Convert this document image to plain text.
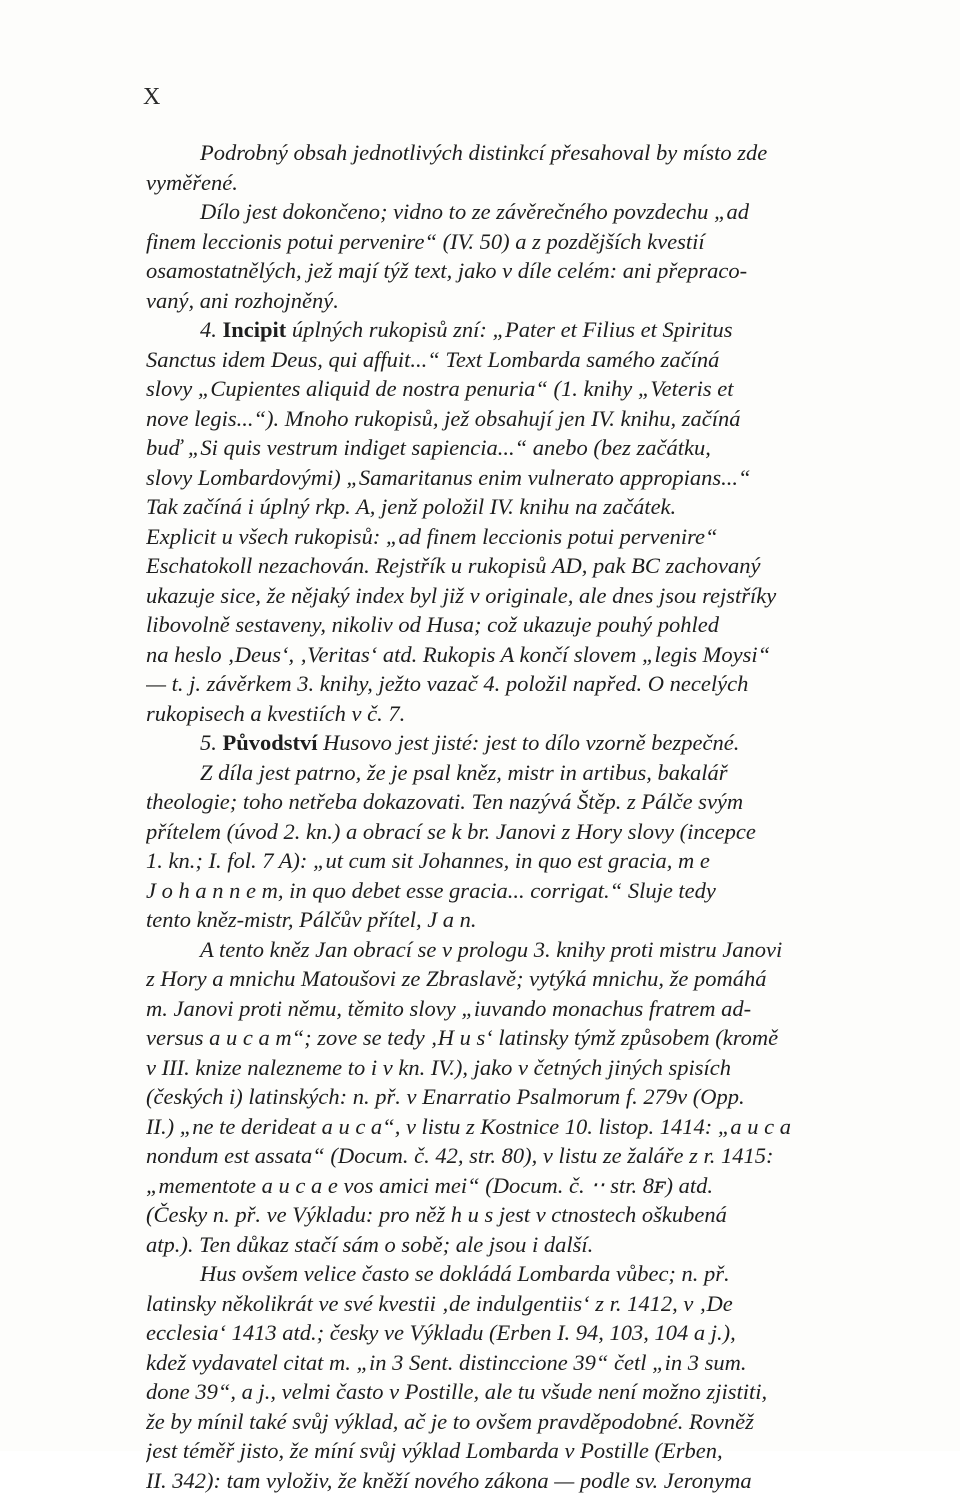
X
Podrobný obsah jednotlivých distinkcí přesahoval by místo zde
vyměřené.
Dílo jest dokončeno; vidno to ze závěrečného povzdechu „ad
finem leccionis potui pervenire“ (IV. 50) a z pozdějších kvestií
osamostatnělých, jež mají týž text, jako v díle celém: ani přepraco-
vaný, ani rozhojněný.
4. Incipit úplných rukopisů zní: „Pater et Filius et Spiritus
Sanctus idem Deus, qui affuit...“ Text Lombarda samého začíná
slovy „Cupientes aliquid de nostra penuria“ (1. knihy „Veteris et
nove legis...“). Mnoho rukopisů, jež obsahují jen IV. knihu, začíná
buď „Si quis vestrum indiget sapiencia...“ anebo (bez začátku,
slovy Lombardovými) „Samaritanus enim vulnerato appropians...“
Tak začíná i úplný rkp. A, jenž položil IV. knihu na začátek.
Explicit u všech rukopisů: „ad finem leccionis potui pervenire“
Eschatokoll nezachován. Rejstřík u rukopisů AD, pak BC zachovaný
ukazuje sice, že nějaký index byl již v originale, ale dnes jsou rejstříky
libovolně sestaveny, nikoliv od Husa; což ukazuje pouhý pohled
na heslo ‚Deus‘, ‚Veritas‘ atd. Rukopis A končí slovem „legis Moysi“
— t. j. závěrkem 3. knihy, ježto vazač 4. položil napřed. O necelých
rukopisech a kvestiích v č. 7.
5. Původství Husovo jest jisté: jest to dílo vzorně bezpečné.
Z díla jest patrno, že je psal kněz, mistr in artibus, bakalář
theologie; toho netřeba dokazovati. Ten nazývá Štěp. z Pálče svým
přítelem (úvod 2. kn.) a obrací se k br. Janovi z Hory slovy (incepce
1. kn.; I. fol. 7 A): „ut cum sit Johannes, in quo est gracia, m e
J o h a n n e m, in quo debet esse gracia... corrigat.“ Sluje tedy
tento kněz-mistr, Pálčův přítel, J a n.
A tento kněz Jan obrací se v prologu 3. knihy proti mistru Janovi
z Hory a mnichu Matoušovi ze Zbraslavě; vytýká mnichu, že pomáhá
m. Janovi proti němu, těmito slovy „iuvando monachus fratrem ad-
versus a u c a m“; zove se tedy ‚H u s‘ latinsky týmž způsobem (kromě
v III. knize nalezneme to i v kn. IV.), jako v četných jiných spisích
(českých i) latinských: n. př. v Enarratio Psalmorum f. 279v (Opp.
II.) „ne te derideat a u c a“, v listu z Kostnice 10. listop. 1414: „a u c a
nondum est assata“ (Docum. č. 42, str. 80), v listu ze žaláře z r. 1415:
„mementote a u c a e vos amici mei“ (Docum. č. ‧‧ str. 8ꜰ) atd.
(Česky n. př. ve Výkladu: pro něž h u s jest v ctnostech oškubená
atp.). Ten důkaz stačí sám o sobě; ale jsou i další.
Hus ovšem velice často se dokládá Lombarda vůbec; n. př.
latinsky několikrát ve své kvestii ‚de indulgentiis‘ z r. 1412, v ‚De
ecclesia‘ 1413 atd.; česky ve Výkladu (Erben I. 94, 103, 104 a j.),
kdež vydavatel citat m. „in 3 Sent. distinccione 39“ četl „in 3 sum.
done 39“, a j., velmi často v Postille, ale tu všude není možno zjistiti,
že by mínil také svůj výklad, ač je to ovšem pravděpodobné. Rovněž
jest téměř jisto, že míní svůj výklad Lombarda v Postille (Erben,
II. 342): tam vyloživ, že kněží nového zákona — podle sv. Jeronyma
